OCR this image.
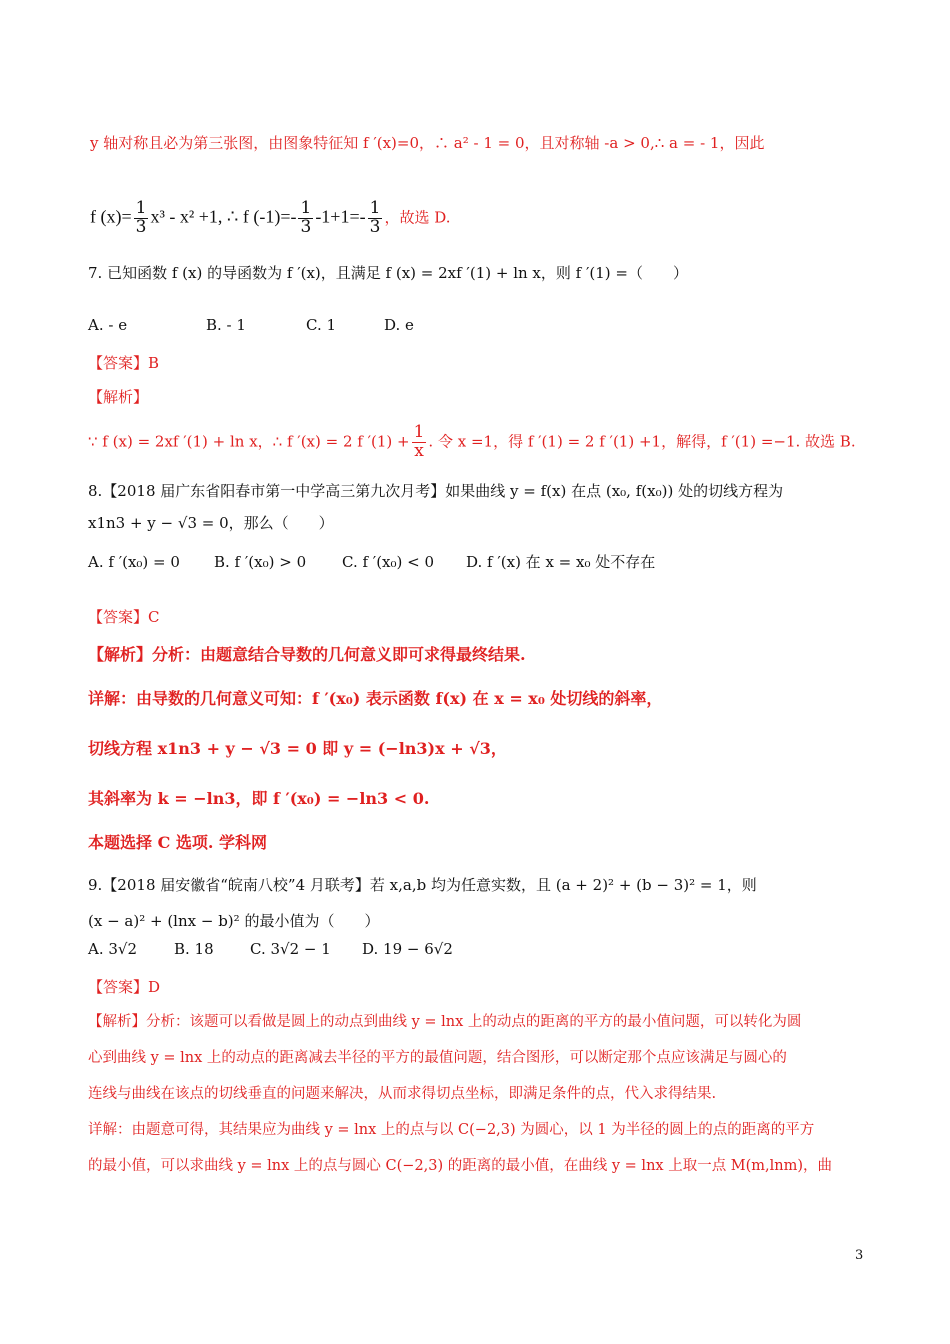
y 轴对称且必为第三张图，由图象特征知 f ′(x)=0，∴ a² - 1 = 0，且对称轴 -a > 0,∴ a = - 1，因此
f $(x)= \frac{1}{3} x^3 - x^2 +1$, ∴ f $(-1)=- \frac{1}{3} -1+1=- \frac{1}{3}$ ，故选 D.
7. 已知函数 f (x) 的导函数为 f ′(x)，且满足 f (x) = 2xf ′(1) + ln x，则 f ′(1) =（　　）
A. - e	B. - 1	C. 1	D. e
【答案】B
【解析】
∵ f (x) = 2xf ′(1) + ln x，∴ f ′(x) = 2 f $'(1) + \frac{1}{x}$ . 令 x =1，得 f ′(1) = 2 f ′(1) +1，解得，f ′(1) =−1. 故选 B.
8.【2018 届广东省阳春市第一中学高三第九次月考】如果曲线 y = f(x) 在点 (x₀, f(x₀)) 处的切线方程为
x1n3 + y − √3 = 0，那么（　　）
A. f ′(x₀) = 0 B. f ′(x₀) > 0 C. f ′(x₀) < 0 D. f ′(x) 在 x = x₀ 处不存在
【答案】C
【解析】分析：由题意结合导数的几何意义即可求得最终结果.
详解：由导数的几何意义可知：f ′(x₀) 表示函数 f(x) 在 x = x₀ 处切线的斜率，
切线方程 x1n3 + y − √3 = 0 即 y = (−ln3)x + √3，
其斜率为 k = −ln3，即 f ′(x₀) = −ln3 < 0.
本题选择 C 选项. 学科网
9.【2018 届安徽省“皖南八校”4 月联考】若 x,a,b 均为任意实数，且 (a + 2)² + (b − 3)² = 1，则
(x − a)² + (lnx − b)² 的最小值为（　　）
A. 3√2 B. 18 C. 3√2 − 1 D. 19 − 6√2
【答案】D
【解析】分析：该题可以看做是圆上的动点到曲线 y = lnx 上的动点的距离的平方的最小值问题，可以转化为圆
心到曲线 y = lnx 上的动点的距离减去半径的平方的最值问题，结合图形，可以断定那个点应该满足与圆心的
连线与曲线在该点的切线垂直的问题来解决，从而求得切点坐标，即满足条件的点，代入求得结果.
详解：由题意可得，其结果应为曲线 y = lnx 上的点与以 C(−2,3) 为圆心，以 1 为半径的圆上的点的距离的平方
的最小值，可以求曲线 y = lnx 上的点与圆心 C(−2,3) 的距离的最小值，在曲线 y = lnx 上取一点 M(m,lnm)，曲
3
